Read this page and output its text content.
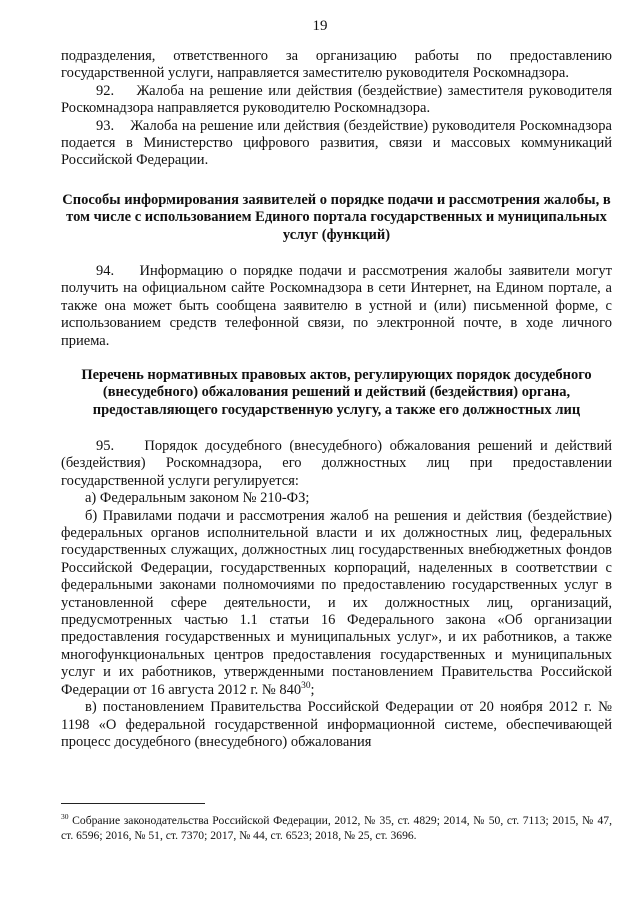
19

подразделения, ответственного за организацию работы по предоставлению государственной услуги, направляется заместителю руководителя Роскомнадзора.

92.    Жалоба на решение или действия (бездействие) заместителя руководителя Роскомнадзора направляется руководителю Роскомнадзора.

93.    Жалоба на решение или действия (бездействие) руководителя Роскомнадзора подается в Министерство цифрового развития, связи и массовых коммуникаций Российской Федерации.

Способы информирования заявителей о порядке подачи и рассмотрения жалобы, в том числе с использованием Единого портала государственных и муниципальных услуг (функций)

94.    Информацию о порядке подачи и рассмотрения жалобы заявители могут получить на официальном сайте Роскомнадзора в сети Интернет, на Едином портале, а также она может быть сообщена заявителю в устной и (или) письменной форме, с использованием средств телефонной связи, по электронной почте, в ходе личного приема.

Перечень нормативных правовых актов, регулирующих порядок досудебного (внесудебного) обжалования решений и действий (бездействия) органа, предоставляющего государственную услугу, а также его должностных лиц

95.    Порядок досудебного (внесудебного) обжалования решений и действий (бездействия) Роскомнадзора, его должностных лиц при предоставлении государственной услуги регулируется:

а) Федеральным законом № 210-ФЗ;

б) Правилами подачи и рассмотрения жалоб на решения и действия (бездействие) федеральных органов исполнительной власти и их должностных лиц, федеральных государственных служащих, должностных лиц государственных внебюджетных фондов Российской Федерации, государственных корпораций, наделенных в соответствии с федеральными законами полномочиями по предоставлению государственных услуг в установленной сфере деятельности, и их должностных лиц, организаций, предусмотренных частью 1.1 статьи 16 Федерального закона «Об организации предоставления государственных и муниципальных услуг», и их работников, а также многофункциональных центров предоставления государственных и муниципальных услуг и их работников, утвержденными постановлением Правительства Российской Федерации от 16 августа 2012 г. № $840^{30}$;

в) постановлением Правительства Российской Федерации от 20 ноября 2012 г. № 1198 «О федеральной государственной информационной системе, обеспечивающей процесс досудебного (внесудебного) обжалования

$^{30}$ Собрание законодательства Российской Федерации, 2012, № 35, ст. 4829; 2014, № 50, ст. 7113; 2015, № 47, ст. 6596; 2016, № 51, ст. 7370; 2017, № 44, ст. 6523; 2018, № 25, ст. 3696.
